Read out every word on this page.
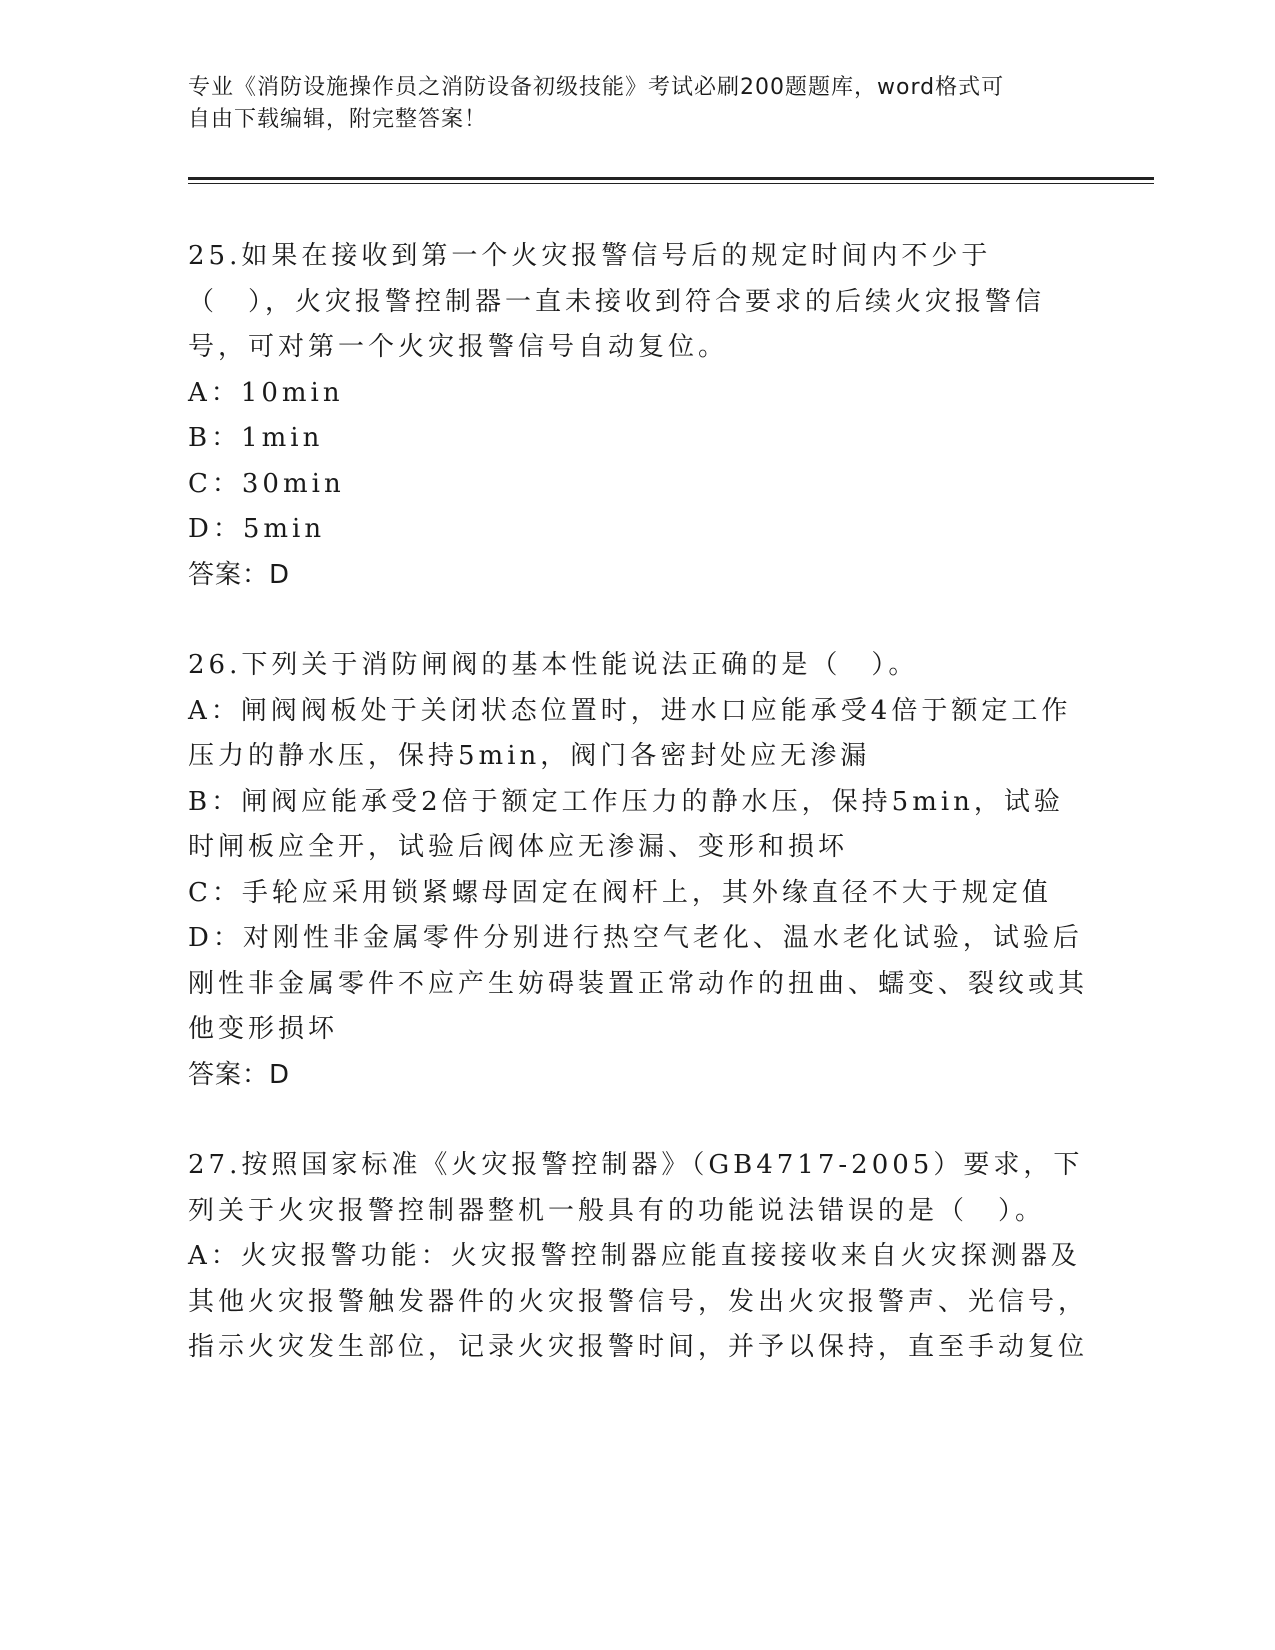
专业《消防设施操作员之消防设备初级技能》考试必刷200题题库，word格式可
自由下载编辑，附完整答案！

25.如果在接收到第一个火灾报警信号后的规定时间内不少于（　），火灾报警控制器一直未接收到符合要求的后续火灾报警信号，可对第一个火灾报警信号自动复位。

A：10min

B：1min

C：30min

D：5min

答案：D

26.下列关于消防闸阀的基本性能说法正确的是（　）。

A：闸阀阀板处于关闭状态位置时，进水口应能承受4倍于额定工作压力的静水压，保持5min，阀门各密封处应无渗漏

B：闸阀应能承受2倍于额定工作压力的静水压，保持5min，试验时闸板应全开，试验后阀体应无渗漏、变形和损坏

C：手轮应采用锁紧螺母固定在阀杆上，其外缘直径不大于规定值

D：对刚性非金属零件分别进行热空气老化、温水老化试验，试验后刚性非金属零件不应产生妨碍装置正常动作的扭曲、蠕变、裂纹或其他变形损坏

答案：D

27.按照国家标准《火灾报警控制器》（GB4717-2005）要求，下列关于火灾报警控制器整机一般具有的功能说法错误的是（　）。

A：火灾报警功能：火灾报警控制器应能直接接收来自火灾探测器及其他火灾报警触发器件的火灾报警信号，发出火灾报警声、光信号，指示火灾发生部位，记录火灾报警时间，并予以保持，直至手动复位
